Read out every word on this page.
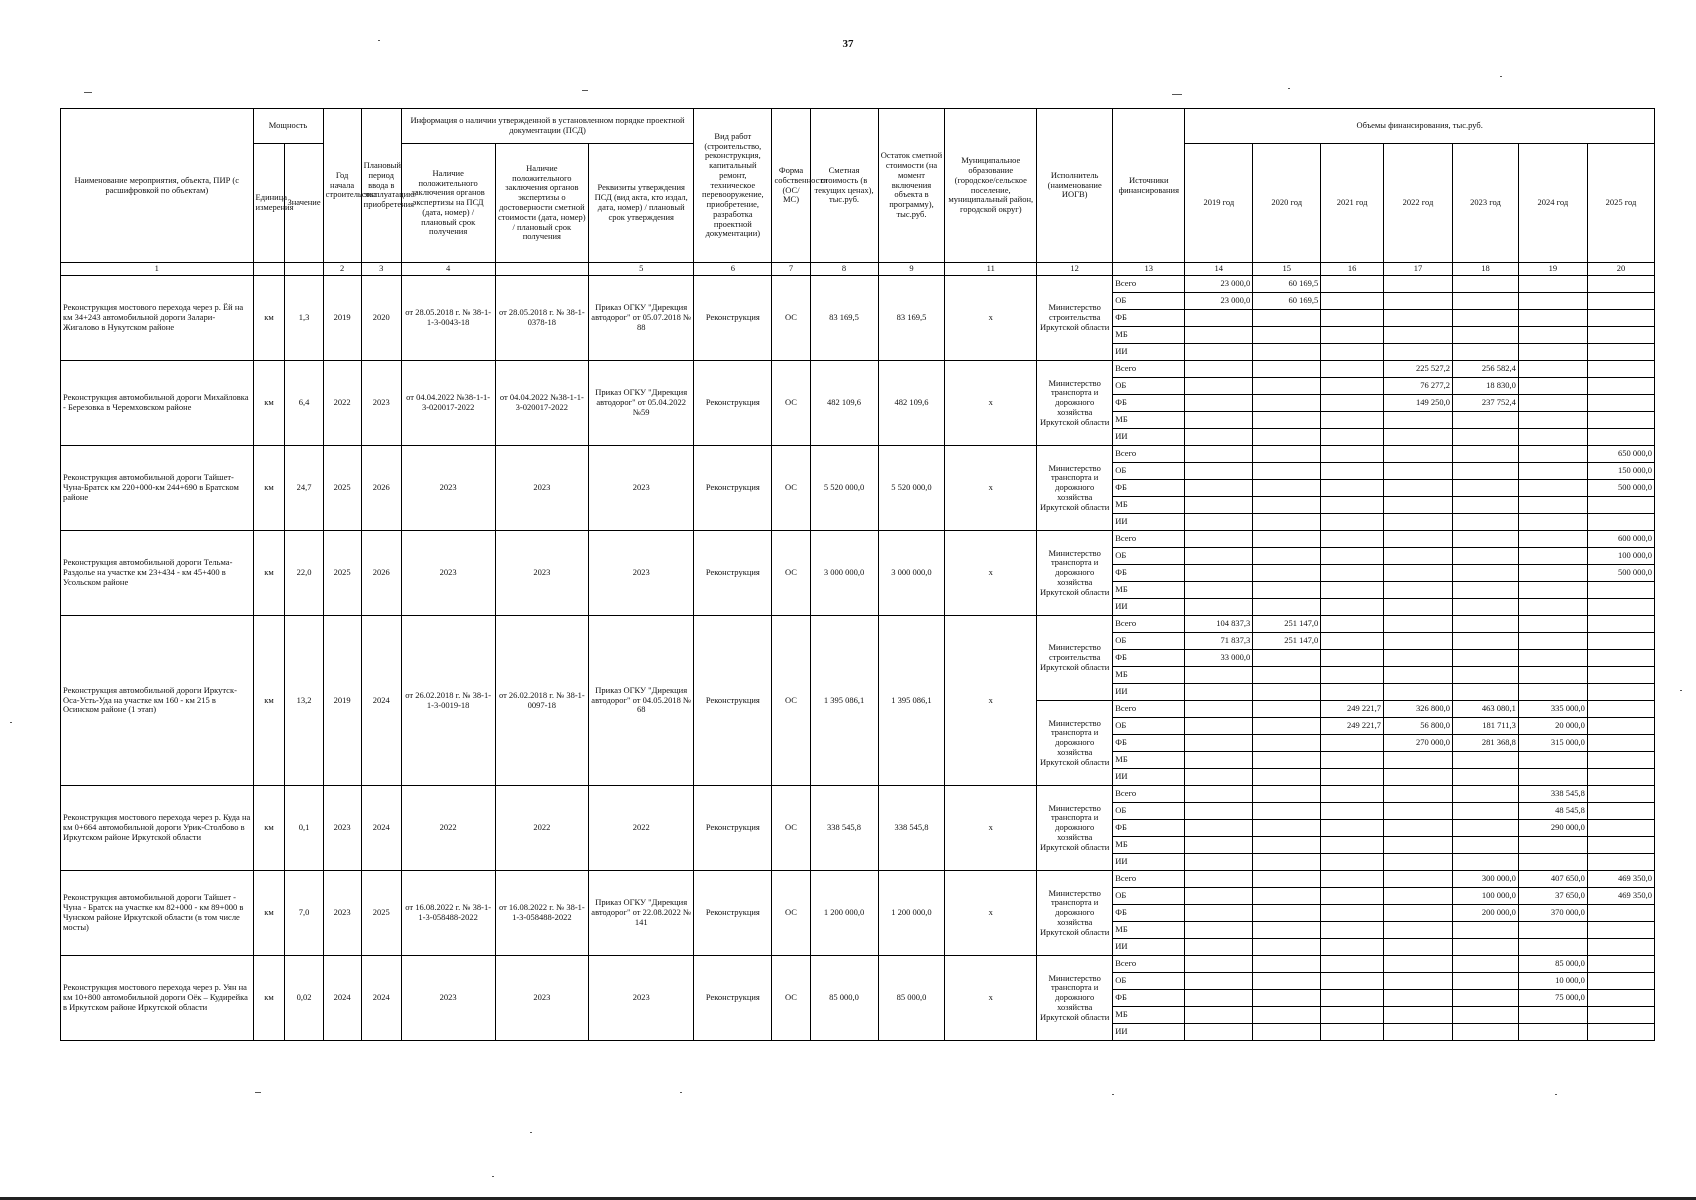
37
Наименование мероприятия, объекта, ПИР (с расшифровкой по объектам)	Мощность		Год начала строительства	Плановый период ввода в эксплуатацию/приобретения	Информация о наличии утвержденной в установленном порядке проектной документации (ПСД)			Вид работ (строительство, реконструкция, капитальный ремонт, техническое перевооружение, приобретение, разработка проектной документации)	Форма собственности (ОС/ МС)	Сметная стоимость (в текущих ценах), тыс.руб.	Остаток сметной стоимости (на момент включения объекта в программу), тыс.руб.	Муниципальное образование (городское/сельское поселение, муниципальный район, городской округ)	Исполнитель (наименование ИОГВ)	Источники финансирования	Объемы финансирования, тыс.руб.						
	Единица измерения	Значение			Наличие положительного заключения органов экспертизы на ПСД (дата, номер) / плановый срок получения	Наличие положительного заключения органов экспертизы о достоверности сметной стоимости (дата, номер) / плановый срок получения	Реквизиты утверждения ПСД (вид акта, кто издал, дата, номер) / плановый срок утверждения								2019 год	2020 год	2021 год	2022 год	2023 год	2024 год	2025 год
1			2	3	4		5	6	7	8	9	11	12	13	14	15	16	17	18	19	20
Реконструкция мостового перехода через р. Ёй на км 34+243 автомобильной дороги Залари-Жигалово в Нукутском районе	км	1,3	2019	2020	от 28.05.2018 г. № 38-1-1-3-0043-18	от 28.05.2018 г. № 38-1-0378-18	Приказ ОГКУ "Дирекция автодорог" от 05.07.2018 № 88	Реконструкция	ОС	83 169,5	83 169,5	х	Министерство строительства Иркутской области	Всего	23 000,0	60 169,5					
														ОБ	23 000,0	60 169,5					
														ФБ							
														МБ							
														ИИ							
Реконструкция автомобильной дороги Михайловка - Березовка в Черемховском районе	км	6,4	2022	2023	от 04.04.2022 №38-1-1-3-020017-2022	от 04.04.2022 №38-1-1-3-020017-2022	Приказ ОГКУ "Дирекция автодорог" от 05.04.2022 №59	Реконструкция	ОС	482 109,6	482 109,6	х	Министерство транспорта и дорожного хозяйства Иркутской области	Всего				225 527,2	256 582,4		
														ОБ				76 277,2	18 830,0		
														ФБ				149 250,0	237 752,4		
														МБ							
														ИИ							
Реконструкция автомобильной дороги Тайшет-Чуна-Братск км 220+000-км 244+690 в Братском районе	км	24,7	2025	2026	2023	2023	2023	Реконструкция	ОС	5 520 000,0	5 520 000,0	х	Министерство транспорта и дорожного хозяйства Иркутской области	Всего							650 000,0
														ОБ							150 000,0
														ФБ							500 000,0
														МБ							
														ИИ							
Реконструкция автомобильной дороги Тельма-Раздолье на участке км 23+434 - км 45+400 в Усольском районе	км	22,0	2025	2026	2023	2023	2023	Реконструкция	ОС	3 000 000,0	3 000 000,0	х	Министерство транспорта и дорожного хозяйства Иркутской области	Всего							600 000,0
														ОБ							100 000,0
														ФБ							500 000,0
														МБ							
														ИИ							
Реконструкция автомобильной дороги Иркутск-Оса-Усть-Уда на участке км 160 - км 215 в Осинском районе (1 этап)	км	13,2	2019	2024	от 26.02.2018 г. № 38-1-1-3-0019-18	от 26.02.2018 г. № 38-1-0097-18	Приказ ОГКУ "Дирекция автодорог" от 04.05.2018 № 68	Реконструкция	ОС	1 395 086,1	1 395 086,1	х	Министерство строительства Иркутской области	Всего	104 837,3	251 147,0					
														ОБ	71 837,3	251 147,0					
														ФБ	33 000,0						
														МБ							
														ИИ							
													Министерство транспорта и дорожного хозяйства Иркутской области	Всего			249 221,7	326 800,0	463 080,1	335 000,0	
														ОБ			249 221,7	56 800,0	181 711,3	20 000,0	
														ФБ				270 000,0	281 368,8	315 000,0	
														МБ							
														ИИ							
Реконструкция мостового перехода через р. Куда на км 0+664 автомобильной дороги Урик-Столбово в Иркутском районе Иркутской области	км	0,1	2023	2024	2022	2022	2022	Реконструкция	ОС	338 545,8	338 545,8	х	Министерство транспорта и дорожного хозяйства Иркутской области	Всего						338 545,8	
														ОБ						48 545,8	
														ФБ						290 000,0	
														МБ							
														ИИ							
Реконструкция автомобильной дороги Тайшет - Чуна - Братск на участке км 82+000 - км 89+000 в Чунском районе Иркутской области (в том числе мосты)	км	7,0	2023	2025	от 16.08.2022 г. № 38-1-1-3-058488-2022	от 16.08.2022 г. № 38-1-1-3-058488-2022	Приказ ОГКУ "Дирекция автодорог" от 22.08.2022 № 141	Реконструкция	ОС	1 200 000,0	1 200 000,0	х	Министерство транспорта и дорожного хозяйства Иркутской области	Всего					300 000,0	407 650,0	469 350,0
														ОБ					100 000,0	37 650,0	469 350,0
														ФБ					200 000,0	370 000,0	
														МБ							
														ИИ							
Реконструкция мостового перехода через р. Уян на км 10+800 автомобильной дороги Оёк – Кудирейка в Иркутском районе Иркутской области	км	0,02	2024	2024	2023	2023	2023	Реконструкция	ОС	85 000,0	85 000,0	х	Министерство транспорта и дорожного хозяйства Иркутской области	Всего						85 000,0	
														ОБ						10 000,0	
														ФБ						75 000,0	
														МБ							
														ИИ							
